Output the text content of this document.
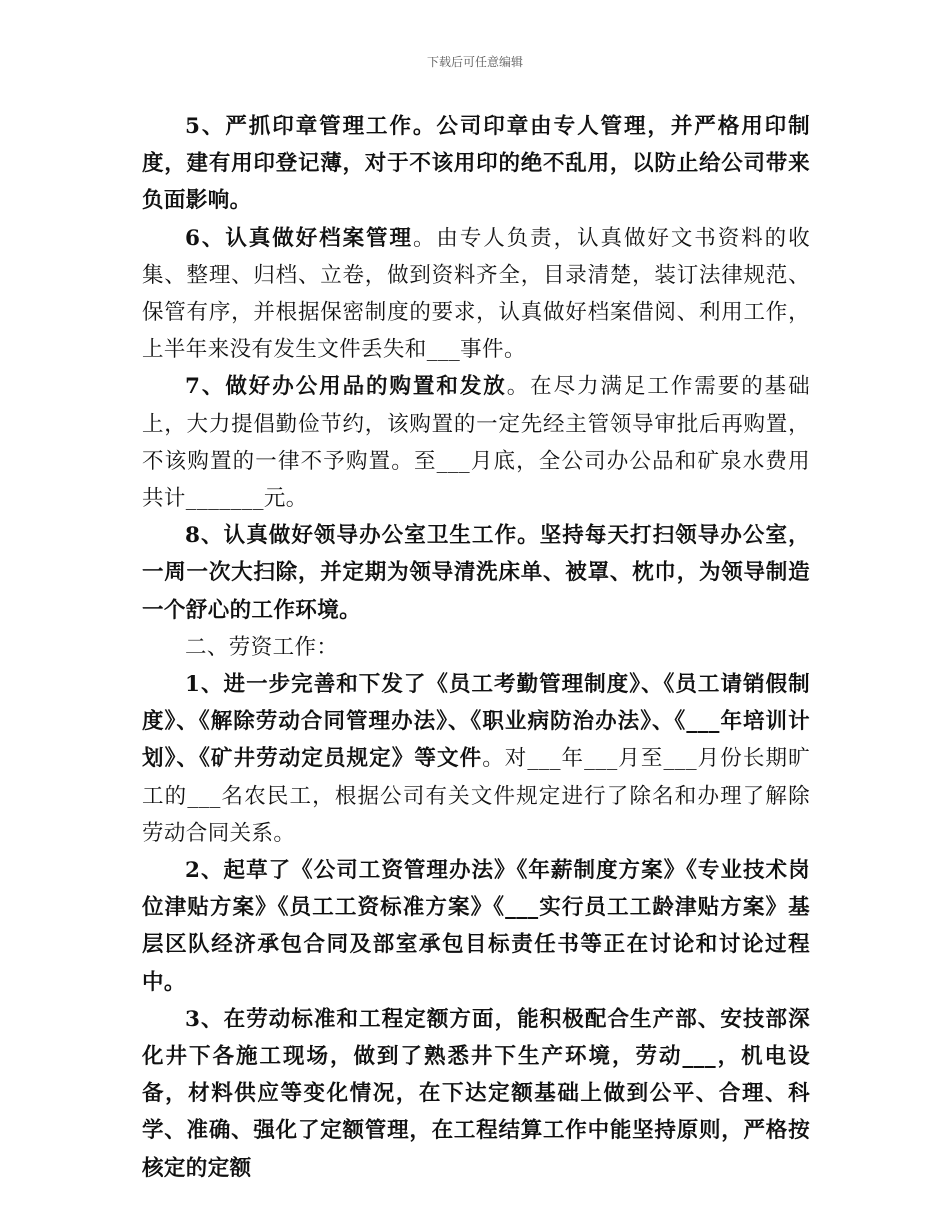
下载后可任意编辑

5、严抓印章管理工作。公司印章由专人管理，并严格用印制度，建有用印登记薄，对于不该用印的绝不乱用，以防止给公司带来负面影响。

6、认真做好档案管理。由专人负责，认真做好文书资料的收集、整理、归档、立卷，做到资料齐全，目录清楚，装订法律规范、保管有序，并根据保密制度的要求，认真做好档案借阅、利用工作，上半年来没有发生文件丢失和___事件。

7、做好办公用品的购置和发放。在尽力满足工作需要的基础上，大力提倡勤俭节约，该购置的一定先经主管领导审批后再购置，不该购置的一律不予购置。至___月底，全公司办公品和矿泉水费用共计_______元。

8、认真做好领导办公室卫生工作。坚持每天打扫领导办公室，一周一次大扫除，并定期为领导清洗床单、被罩、枕巾，为领导制造一个舒心的工作环境。

二、劳资工作：

1、进一步完善和下发了《员工考勤管理制度》、《员工请销假制度》、《解除劳动合同管理办法》、《职业病防治办法》、《___年培训计划》、《矿井劳动定员规定》等文件。对___年___月至___月份长期旷工的___名农民工，根据公司有关文件规定进行了除名和办理了解除劳动合同关系。

2、起草了《公司工资管理办法》《年薪制度方案》《专业技术岗位津贴方案》《员工工资标准方案》《___实行员工工龄津贴方案》基层区队经济承包合同及部室承包目标责任书等正在讨论和讨论过程中。

3、在劳动标准和工程定额方面，能积极配合生产部、安技部深化井下各施工现场，做到了熟悉井下生产环境，劳动___，机电设备，材料供应等变化情况，在下达定额基础上做到公平、合理、科学、准确、强化了定额管理，在工程结算工作中能坚持原则，严格按核定的定额
